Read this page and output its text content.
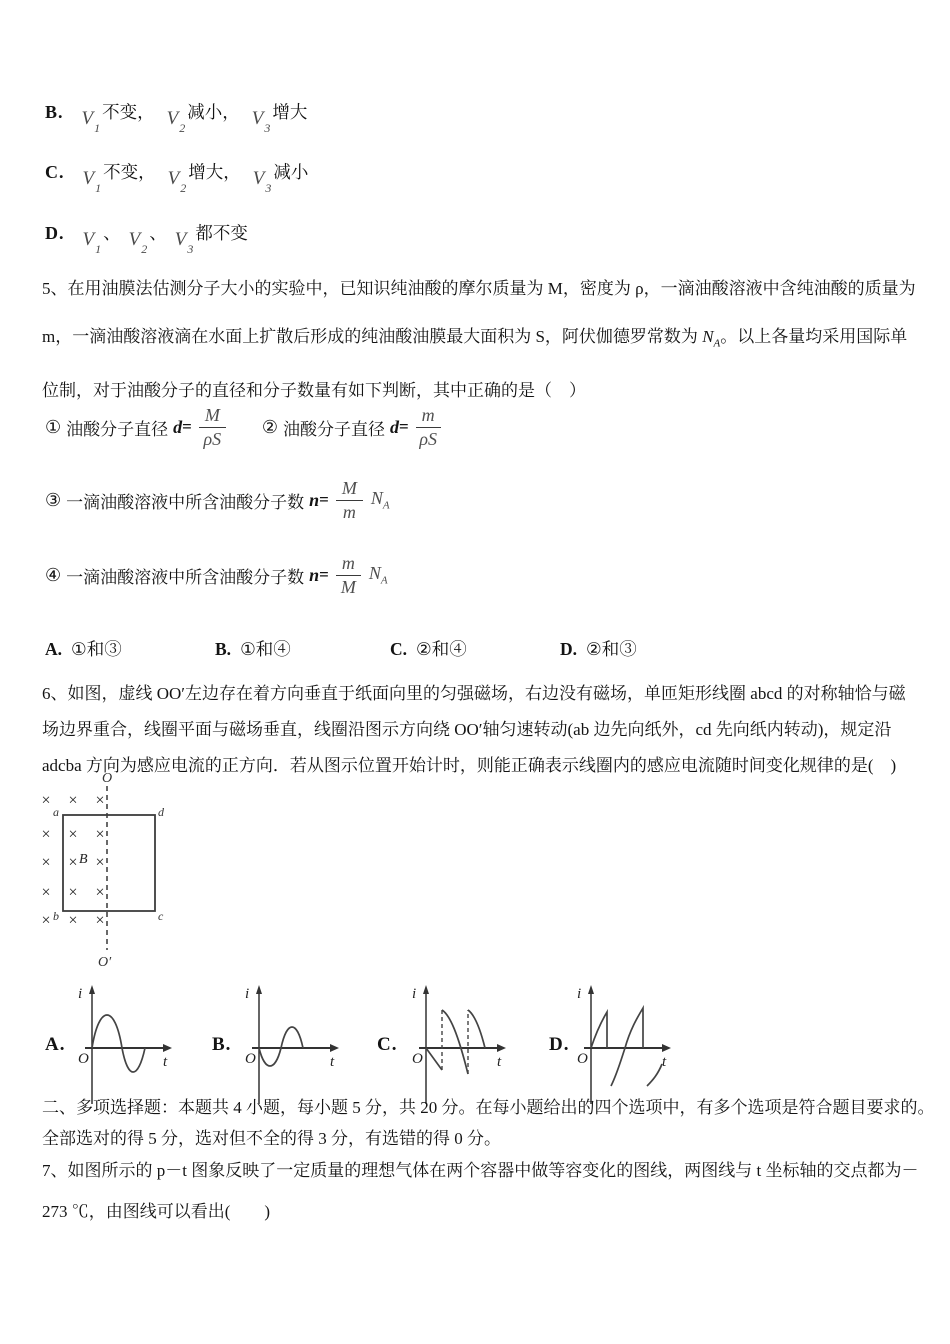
B. $V_1$
不变， $V_2$
减小， $V_3$
增大
C. $V_1$
不变， $V_2$
增大， $V_3$
减小
D. $V_1$
、 $V_2$
、 $V_3$
都不变
5、在用油膜法估测分子大小的实验中，已知识纯油酸的摩尔质量为 M，密度为 ρ，一滴油酸溶液中含纯油酸的质量为
m，一滴油酸溶液滴在水面上扩散后形成的纯油酸油膜最大面积为 S，阿伏伽德罗常数为 $N_A$。以上各量均采用国际单
位制，对于油酸分子的直径和分子数量有如下判断，其中正确的是（　）
① 油酸分子直径 $d = \frac{M}{\rho S}$ ② 油酸分子直径 $d = \frac{m}{\rho S}$
③ 一滴油酸溶液中所含油酸分子数 $n = \frac{M}{m} N_A$
④ 一滴油酸溶液中所含油酸分子数 $n = \frac{m}{M} N_A$
A. ①和③	B. ①和④	C. ②和④	D. ②和③
6、如图，虚线 OO′左边存在着方向垂直于纸面向里的匀强磁场，右边没有磁场，单匝矩形线圈 abcd 的对称轴恰与磁
场边界重合，线圈平面与磁场垂直，线圈沿图示方向绕 OO′轴匀速转动(ab 边先向纸外，cd 先向纸内转动)，规定沿
adcba 方向为感应电流的正方向．若从图示位置开始计时，则能正确表示线圈内的感应电流随时间变化规律的是(　)
O
O′
a	d
b	c
B
× × ×
× × ×
× × ×
× × ×
× × ×
A.
i
O	t
B.
i
O	t
C.
i
O	t
D.
i
O	t
二、多项选择题：本题共 4 小题，每小题 5 分，共 20 分。在每小题给出的四个选项中，有多个选项是符合题目要求的。
全部选对的得 5 分，选对但不全的得 3 分，有选错的得 0 分。
7、如图所示的 p－t 图象反映了一定质量的理想气体在两个容器中做等容变化的图线，两图线与 t 坐标轴的交点都为－
273 ℃，由图线可以看出(　　)
